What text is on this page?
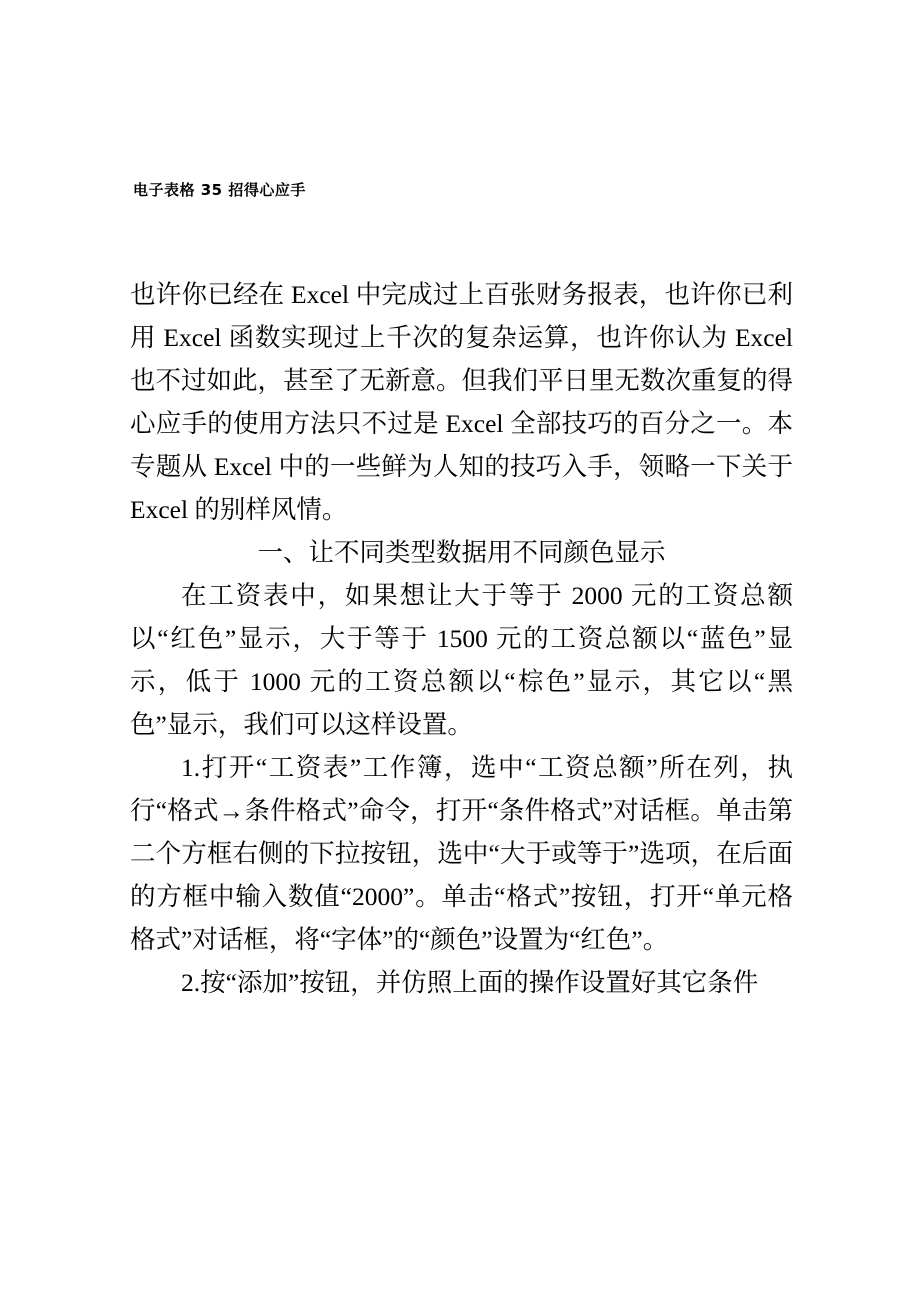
电子表格 35 招得心应手

也许你已经在 Excel 中完成过上百张财务报表，也许你已利用 Excel 函数实现过上千次的复杂运算，也许你认为 Excel 也不过如此，甚至了无新意。但我们平日里无数次重复的得心应手的使用方法只不过是 Excel 全部技巧的百分之一。本专题从 Excel 中的一些鲜为人知的技巧入手，领略一下关于 Excel 的别样风情。

一、让不同类型数据用不同颜色显示

在工资表中，如果想让大于等于 2000 元的工资总额以“红色”显示，大于等于 1500 元的工资总额以“蓝色”显示，低于 1000 元的工资总额以“棕色”显示，其它以“黑色”显示，我们可以这样设置。

1.打开“工资表”工作簿，选中“工资总额”所在列，执行“格式→条件格式”命令，打开“条件格式”对话框。单击第二个方框右侧的下拉按钮，选中“大于或等于”选项，在后面的方框中输入数值“2000”。单击“格式”按钮，打开“单元格格式”对话框，将“字体”的“颜色”设置为“红色”。

2.按“添加”按钮，并仿照上面的操作设置好其它条件
